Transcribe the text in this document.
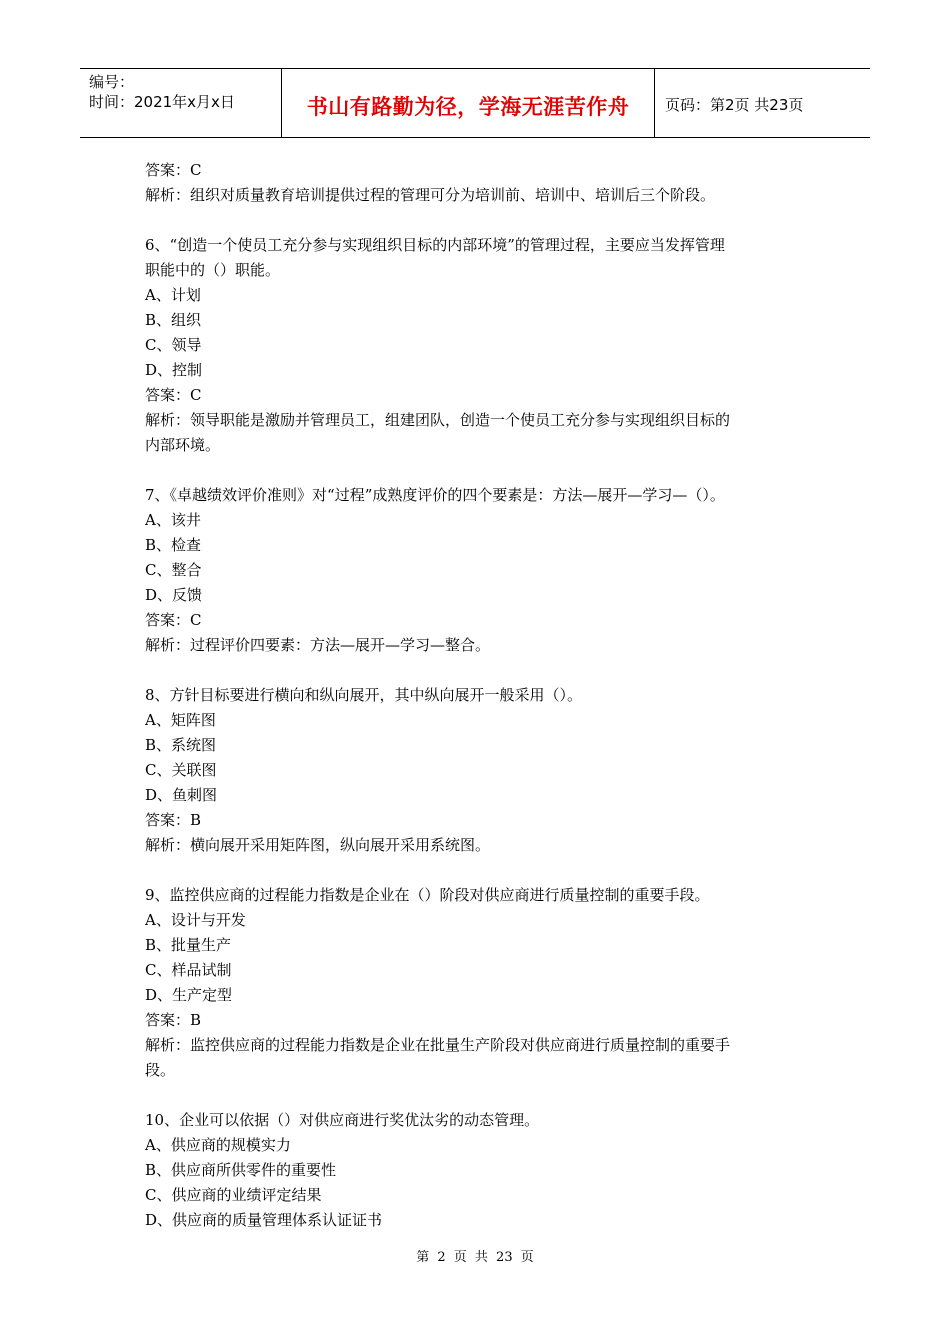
编号：
时间：2021年x月x日	书山有路勤为径，学海无涯苦作舟	页码：第2页 共23页
答案：C
解析：组织对质量教育培训提供过程的管理可分为培训前、培训中、培训后三个阶段。
6、“创造一个使员工充分参与实现组织目标的内部环境”的管理过程，主要应当发挥管理
职能中的（）职能。
A、计划
B、组织
C、领导
D、控制
答案：C
解析：领导职能是激励并管理员工，组建团队，创造一个使员工充分参与实现组织目标的
内部环境。
7、《卓越绩效评价准则》对“过程”成熟度评价的四个要素是：方法—展开—学习—（）。
A、该井
B、检查
C、整合
D、反馈
答案：C
解析：过程评价四要素：方法—展开—学习—整合。
8、方针目标要进行横向和纵向展开，其中纵向展开一般采用（）。
A、矩阵图
B、系统图
C、关联图
D、鱼刺图
答案：B
解析：横向展开采用矩阵图，纵向展开采用系统图。
9、监控供应商的过程能力指数是企业在（）阶段对供应商进行质量控制的重要手段。
A、设计与开发
B、批量生产
C、样品试制
D、生产定型
答案：B
解析：监控供应商的过程能力指数是企业在批量生产阶段对供应商进行质量控制的重要手
段。
10、企业可以依据（）对供应商进行奖优汰劣的动态管理。
A、供应商的规模实力
B、供应商所供零件的重要性
C、供应商的业绩评定结果
D、供应商的质量管理体系认证证书
第 2 页 共 23 页
